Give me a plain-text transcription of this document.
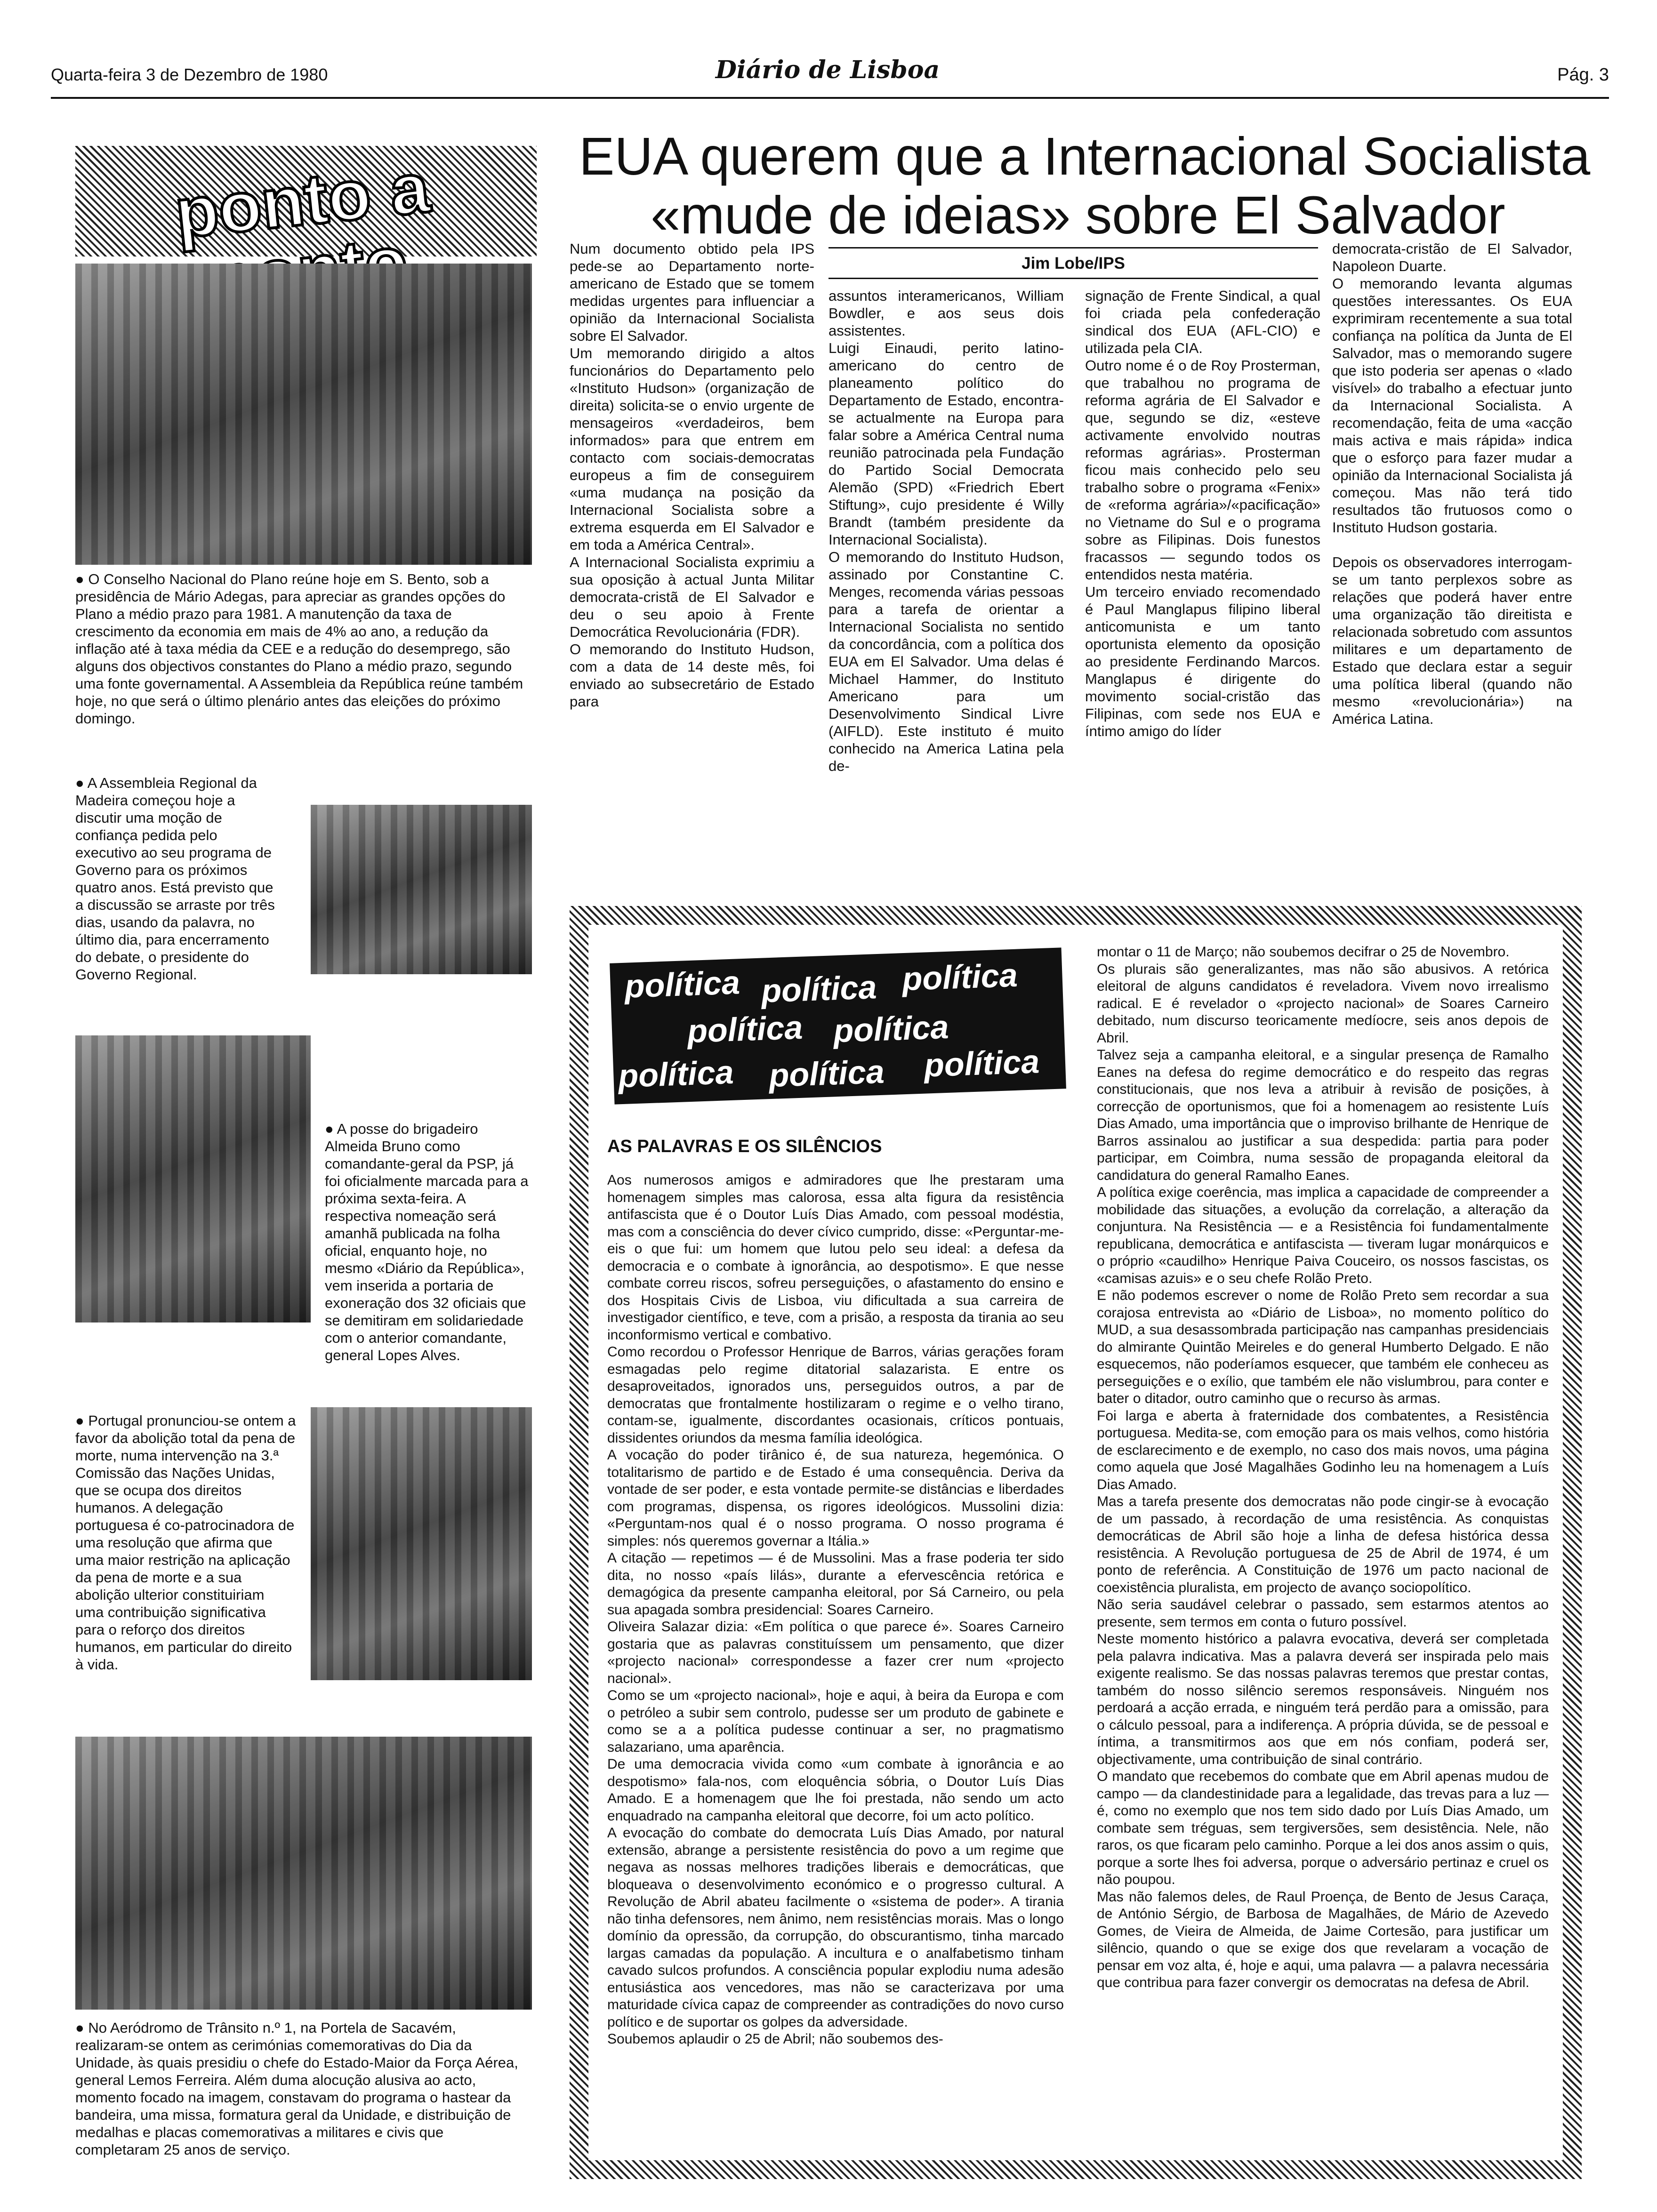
Quarta-feira 3 de Dezembro de 1980	Diário de Lisboa	Pág. 3
ponto a
● O Conselho Nacional do Plano reúne hoje em S. Bento, sob a presidência de Mário Adegas, para apreciar as grandes opções do Plano a médio prazo para 1981. A manutenção da taxa de crescimento da economia em mais de 4% ao ano, a redução da inflação até à taxa média da CEE e a redução do desemprego, são alguns dos objectivos constantes do Plano a médio prazo, segundo uma fonte governamental. A Assembleia da República reúne também hoje, no que será o último plenário antes das eleições do próximo domingo.
● A Assembleia Regional da Madeira começou hoje a discutir uma moção de confiança pedida pelo executivo ao seu programa de Governo para os próximos quatro anos. Está previsto que a discussão se arraste por três dias, usando da palavra, no último dia, para encerramento do debate, o presidente do Governo Regional.
● A posse do brigadeiro Almeida Bruno como comandante-geral da PSP, já foi oficialmente marcada para a próxima sexta-feira. A respectiva nomeação será amanhã publicada na folha oficial, enquanto hoje, no mesmo «Diário da República», vem inserida a portaria de exoneração dos 32 oficiais que se demitiram em solidariedade com o anterior comandante, general Lopes Alves.
● Portugal pronunciou-se ontem a favor da abolição total da pena de morte, numa intervenção na 3.ª Comissão das Nações Unidas, que se ocupa dos direitos humanos. A delegação portuguesa é co-patrocinadora de uma resolução que afirma que uma maior restrição na aplicação da pena de morte e a sua abolição ulterior constituiriam uma contribuição significativa para o reforço dos direitos humanos, em particular do direito à vida.
● No Aeródromo de Trânsito n.º 1, na Portela de Sacavém, realizaram-se ontem as cerimónias comemorativas do Dia da Unidade, às quais presidiu o chefe do Estado-Maior da Força Aérea, general Lemos Ferreira. Além duma alocução alusiva ao acto, momento focado na imagem, constavam do programa o hastear da bandeira, uma missa, formatura geral da Unidade, e distribuição de medalhas e placas comemorativas a militares e civis que completaram 25 anos de serviço.
EUA querem que a Internacional Socialista
«mude de ideias» sobre El Salvador
Num documento obtido pela IPS pede-se ao Departamento norte-americano de Estado que se tomem medidas urgentes para influenciar a opinião da Internacional Socialista sobre El Salvador.
Um memorando dirigido a altos funcionários do Departamento pelo «Instituto Hudson» (organização de direita) solicita-se o envio urgente de mensageiros «verdadeiros, bem informados» para que entrem em contacto com sociais-democratas europeus a fim de conseguirem «uma mudança na posição da Internacional Socialista sobre a extrema esquerda em El Salvador e em toda a América Central».
A Internacional Socialista exprimiu a sua oposição à actual Junta Militar democrata-cristã de El Salvador e deu o seu apoio à Frente Democrática Revolucionária (FDR).
O memorando do Instituto Hudson, com a data de 14 deste mês, foi enviado ao subsecretário de Estado para
Jim Lobe/IPS
assuntos interamericanos, William Bowdler, e aos seus dois assistentes.
Luigi Einaudi, perito latino-americano do centro de planeamento político do Departamento de Estado, encontra-se actualmente na Europa para falar sobre a América Central numa reunião patrocinada pela Fundação do Partido Social Democrata Alemão (SPD) «Friedrich Ebert Stiftung», cujo presidente é Willy Brandt (também presidente da Internacional Socialista).
O memorando do Instituto Hudson, assinado por Constantine C. Menges, recomenda várias pessoas para a tarefa de orientar a Internacional Socialista no sentido da concordância, com a política dos EUA em El Salvador. Uma delas é Michael Hammer, do Instituto Americano para um Desenvolvimento Sindical Livre (AIFLD). Este instituto é muito conhecido na America Latina pela de-
signação de Frente Sindical, a qual foi criada pela confederação sindical dos EUA (AFL-CIO) e utilizada pela CIA.
Outro nome é o de Roy Prosterman, que trabalhou no programa de reforma agrária de El Salvador e que, segundo se diz, «esteve activamente envolvido noutras reformas agrárias». Prosterman ficou mais conhecido pelo seu trabalho sobre o programa «Fenix» de «reforma agrária»/«pacificação» no Vietname do Sul e o programa sobre as Filipinas. Dois funestos fracassos — segundo todos os entendidos nesta matéria.
Um terceiro enviado recomendado é Paul Manglapus filipino liberal anticomunista e um tanto oportunista elemento da oposição ao presidente Ferdinando Marcos. Manglapus é dirigente do movimento social-cristão das Filipinas, com sede nos EUA e íntimo amigo do líder
democrata-cristão de El Salvador, Napoleon Duarte.
O memorando levanta algumas questões interessantes. Os EUA exprimiram recentemente a sua total confiança na política da Junta de El Salvador, mas o memorando sugere que isto poderia ser apenas o «lado visível» do trabalho a efectuar junto da Internacional Socialista. A recomendação, feita de uma «acção mais activa e mais rápida» indica que o esforço para fazer mudar a opinião da Internacional Socialista já começou. Mas não terá tido resultados tão frutuosos como o Instituto Hudson gostaria.

Depois os observadores interrogam-se um tanto perplexos sobre as relações que poderá haver entre uma organização tão direitista e relacionada sobretudo com assuntos militares e um departamento de Estado que declara estar a seguir uma política liberal (quando não mesmo «revolucionária») na América Latina.
política política política
política política
política política política
AS PALAVRAS E OS SILÊNCIOS
Aos numerosos amigos e admiradores que lhe prestaram uma homenagem simples mas calorosa, essa alta figura da resistência antifascista que é o Doutor Luís Dias Amado, com pessoal modéstia, mas com a consciência do dever cívico cumprido, disse: «Perguntar-me-eis o que fui: um homem que lutou pelo seu ideal: a defesa da democracia e o combate à ignorância, ao despotismo». E que nesse combate correu riscos, sofreu perseguições, o afastamento do ensino e dos Hospitais Civis de Lisboa, viu dificultada a sua carreira de investigador científico, e teve, com a prisão, a resposta da tirania ao seu inconformismo vertical e combativo.
Como recordou o Professor Henrique de Barros, várias gerações foram esmagadas pelo regime ditatorial salazarista. E entre os desaproveitados, ignorados uns, perseguidos outros, a par de democratas que frontalmente hostilizaram o regime e o velho tirano, contam-se, igualmente, discordantes ocasionais, críticos pontuais, dissidentes oriundos da mesma família ideológica.
A vocação do poder tirânico é, de sua natureza, hegemónica. O totalitarismo de partido e de Estado é uma consequência. Deriva da vontade de ser poder, e esta vontade permite-se distâncias e liberdades com programas, dispensa, os rigores ideológicos. Mussolini dizia: «Perguntam-nos qual é o nosso programa. O nosso programa é simples: nós queremos governar a Itália.»
A citação — repetimos — é de Mussolini. Mas a frase poderia ter sido dita, no nosso «país lilás», durante a efervescência retórica e demagógica da presente campanha eleitoral, por Sá Carneiro, ou pela sua apagada sombra presidencial: Soares Carneiro.
Oliveira Salazar dizia: «Em política o que parece é». Soares Carneiro gostaria que as palavras constituíssem um pensamento, que dizer «projecto nacional» correspondesse a fazer crer num «projecto nacional».
Como se um «projecto nacional», hoje e aqui, à beira da Europa e com o petróleo a subir sem controlo, pudesse ser um produto de gabinete e como se a a política pudesse continuar a ser, no pragmatismo salazariano, uma aparência.
De uma democracia vivida como «um combate à ignorância e ao despotismo» fala-nos, com eloquência sóbria, o Doutor Luís Dias Amado. E a homenagem que lhe foi prestada, não sendo um acto enquadrado na campanha eleitoral que decorre, foi um acto político.
A evocação do combate do democrata Luís Dias Amado, por natural extensão, abrange a persistente resistência do povo a um regime que negava as nossas melhores tradições liberais e democráticas, que bloqueava o desenvolvimento económico e o progresso cultural. A Revolução de Abril abateu facilmente o «sistema de poder». A tirania não tinha defensores, nem ânimo, nem resistências morais. Mas o longo domínio da opressão, da corrupção, do obscurantismo, tinha marcado largas camadas da população. A incultura e o analfabetismo tinham cavado sulcos profundos. A consciência popular explodiu numa adesão entusiástica aos vencedores, mas não se caracterizava por uma maturidade cívica capaz de compreender as contradições do novo curso político e de suportar os golpes da adversidade.
Soubemos aplaudir o 25 de Abril; não soubemos des-
montar o 11 de Março; não soubemos decifrar o 25 de Novembro.
Os plurais são generalizantes, mas não são abusivos. A retórica eleitoral de alguns candidatos é reveladora. Vivem novo irrealismo radical. E é revelador o «projecto nacional» de Soares Carneiro debitado, num discurso teoricamente medíocre, seis anos depois de Abril.
Talvez seja a campanha eleitoral, e a singular presença de Ramalho Eanes na defesa do regime democrático e do respeito das regras constitucionais, que nos leva a atribuir à revisão de posições, à correcção de oportunismos, que foi a homenagem ao resistente Luís Dias Amado, uma importância que o improviso brilhante de Henrique de Barros assinalou ao justificar a sua despedida: partia para poder participar, em Coimbra, numa sessão de propaganda eleitoral da candidatura do general Ramalho Eanes.
A política exige coerência, mas implica a capacidade de compreender a mobilidade das situações, a evolução da correlação, a alteração da conjuntura. Na Resistência — e a Resistência foi fundamentalmente republicana, democrática e antifascista — tiveram lugar monárquicos e o próprio «caudilho» Henrique Paiva Couceiro, os nossos fascistas, os «camisas azuis» e o seu chefe Rolão Preto.
E não podemos escrever o nome de Rolão Preto sem recordar a sua corajosa entrevista ao «Diário de Lisboa», no momento político do MUD, a sua desassombrada participação nas campanhas presidenciais do almirante Quintão Meireles e do general Humberto Delgado. E não esquecemos, não poderíamos esquecer, que também ele conheceu as perseguições e o exílio, que também ele não vislumbrou, para conter e bater o ditador, outro caminho que o recurso às armas.
Foi larga e aberta à fraternidade dos combatentes, a Resistência portuguesa. Medita-se, com emoção para os mais velhos, como história de esclarecimento e de exemplo, no caso dos mais novos, uma página como aquela que José Magalhães Godinho leu na homenagem a Luís Dias Amado.
Mas a tarefa presente dos democratas não pode cingir-se à evocação de um passado, à recordação de uma resistência. As conquistas democráticas de Abril são hoje a linha de defesa histórica dessa resistência. A Revolução portuguesa de 25 de Abril de 1974, é um ponto de referência. A Constituição de 1976 um pacto nacional de coexistência pluralista, em projecto de avanço sociopolítico.
Não seria saudável celebrar o passado, sem estarmos atentos ao presente, sem termos em conta o futuro possível.
Neste momento histórico a palavra evocativa, deverá ser completada pela palavra indicativa. Mas a palavra deverá ser inspirada pelo mais exigente realismo. Se das nossas palavras teremos que prestar contas, também do nosso silêncio seremos responsáveis. Ninguém nos perdoará a acção errada, e ninguém terá perdão para a omissão, para o cálculo pessoal, para a indiferença. A própria dúvida, se de pessoal e íntima, a transmitirmos aos que em nós confiam, poderá ser, objectivamente, uma contribuição de sinal contrário.
O mandato que recebemos do combate que em Abril apenas mudou de campo — da clandestinidade para a legalidade, das trevas para a luz — é, como no exemplo que nos tem sido dado por Luís Dias Amado, um combate sem tréguas, sem tergiversões, sem desistência. Nele, não raros, os que ficaram pelo caminho. Porque a lei dos anos assim o quis, porque a sorte lhes foi adversa, porque o adversário pertinaz e cruel os não poupou.
Mas não falemos deles, de Raul Proença, de Bento de Jesus Caraça, de António Sérgio, de Barbosa de Magalhães, de Mário de Azevedo Gomes, de Vieira de Almeida, de Jaime Cortesão, para justificar um silêncio, quando o que se exige dos que revelaram a vocação de pensar em voz alta, é, hoje e aqui, uma palavra — a palavra necessária que contribua para fazer convergir os democratas na defesa de Abril.
